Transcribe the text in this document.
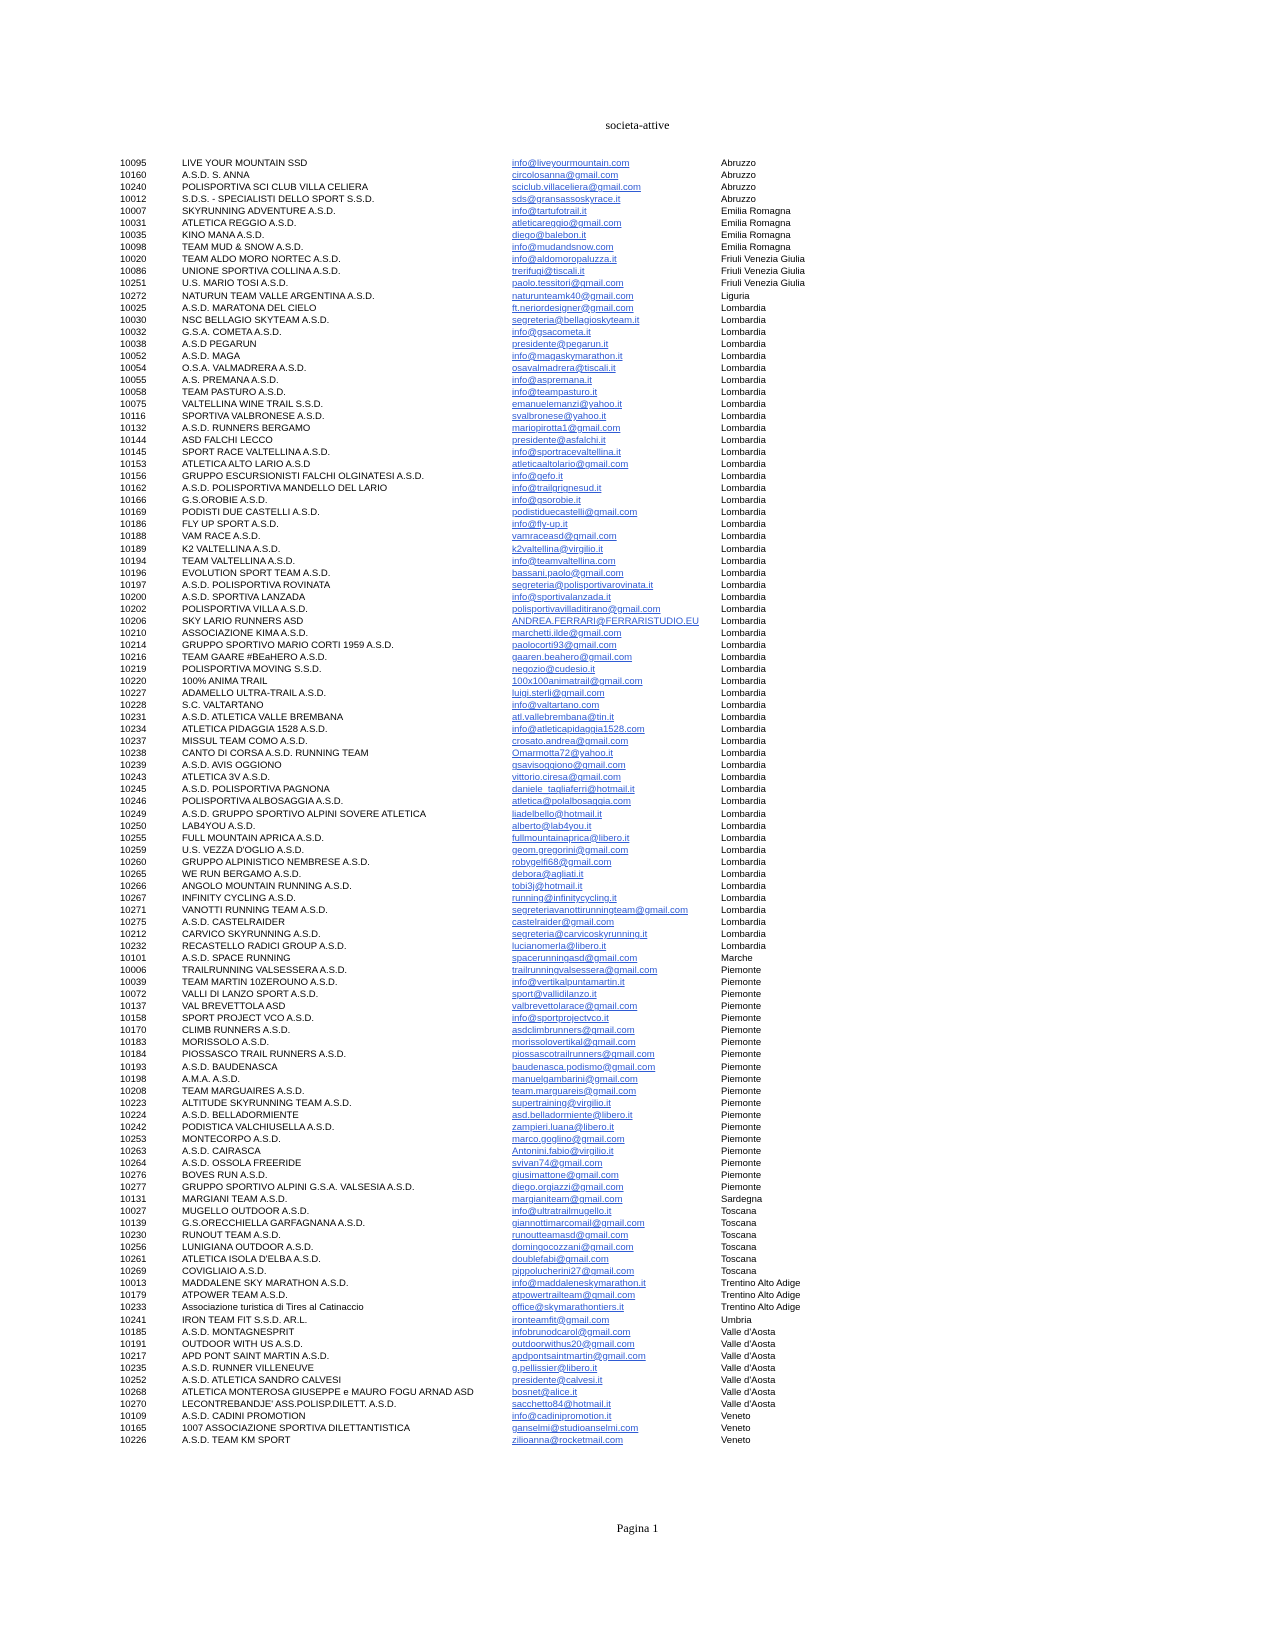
societa-attive
10095	LIVE YOUR MOUNTAIN SSD	info@liveyourmountain.com	Abruzzo
10160	A.S.D. S. ANNA	circolosanna@gmail.com	Abruzzo
10240	POLISPORTIVA SCI CLUB VILLA CELIERA	sciclub.villaceliera@gmail.com	Abruzzo
10012	S.D.S. - SPECIALISTI DELLO SPORT S.S.D.	sds@gransassoskyrace.it	Abruzzo
10007	SKYRUNNING ADVENTURE A.S.D.	info@tartufotrail.it	Emilia Romagna
10031	ATLETICA REGGIO A.S.D.	atleticareggio@gmail.com	Emilia Romagna
10035	KINO MANA A.S.D.	diego@balebon.it	Emilia Romagna
10098	TEAM MUD & SNOW A.S.D.	info@mudandsnow.com	Emilia Romagna
10020	TEAM ALDO MORO NORTEC A.S.D.	info@aldomoropaluzza.it	Friuli Venezia Giulia
10086	UNIONE SPORTIVA COLLINA A.S.D.	trerifugi@tiscali.it	Friuli Venezia Giulia
10251	U.S. MARIO TOSI A.S.D.	paolo.tessitori@gmail.com	Friuli Venezia Giulia
10272	NATURUN TEAM VALLE ARGENTINA A.S.D.	naturunteamk40@gmail.com	Liguria
10025	A.S.D. MARATONA DEL CIELO	ft.neriordesigner@gmail.com	Lombardia
10030	NSC BELLAGIO SKYTEAM A.S.D.	segreteria@bellagioskyteam.it	Lombardia
10032	G.S.A. COMETA A.S.D.	info@gsacometa.it	Lombardia
10038	A.S.D PEGARUN	presidente@pegarun.it	Lombardia
10052	A.S.D. MAGA	info@magaskymarathon.it	Lombardia
10054	O.S.A. VALMADRERA A.S.D.	osavalmadrera@tiscali.it	Lombardia
10055	A.S. PREMANA A.S.D.	info@aspremana.it	Lombardia
10058	TEAM PASTURO A.S.D.	info@teampasturo.it	Lombardia
10075	VALTELLINA WINE TRAIL S.S.D.	emanuelemanzi@yahoo.it	Lombardia
10116	SPORTIVA VALBRONESE A.S.D.	svalbronese@yahoo.it	Lombardia
10132	A.S.D. RUNNERS BERGAMO	mariopirotta1@gmail.com	Lombardia
10144	ASD FALCHI LECCO	presidente@asfalchi.it	Lombardia
10145	SPORT RACE VALTELLINA A.S.D.	info@sportracevaltellina.it	Lombardia
10153	ATLETICA ALTO LARIO A.S.D	atleticaaltolario@gmail.com	Lombardia
10156	GRUPPO ESCURSIONISTI FALCHI OLGINATESI A.S.D.	info@gefo.it	Lombardia
10162	A.S.D. POLISPORTIVA MANDELLO DEL LARIO	info@trailgrignesud.it	Lombardia
10166	G.S.OROBIE A.S.D.	info@gsorobie.it	Lombardia
10169	PODISTI DUE CASTELLI A.S.D.	podistiduecastelli@gmail.com	Lombardia
10186	FLY UP SPORT A.S.D.	info@fly-up.it	Lombardia
10188	VAM RACE A.S.D.	vamraceasd@gmail.com	Lombardia
10189	K2 VALTELLINA A.S.D.	k2valtellina@virgilio.it	Lombardia
10194	TEAM VALTELLINA A.S.D.	info@teamvaltellina.com	Lombardia
10196	EVOLUTION SPORT TEAM A.S.D.	bassani.paolo@gmail.com	Lombardia
10197	A.S.D. POLISPORTIVA ROVINATA	segreteria@polisportivarovinata.it	Lombardia
10200	A.S.D. SPORTIVA LANZADA	info@sportivalanzada.it	Lombardia
10202	POLISPORTIVA VILLA A.S.D.	polisportivavilladitirano@gmail.com	Lombardia
10206	SKY LARIO RUNNERS ASD	ANDREA.FERRARI@FERRARISTUDIO.EU	Lombardia
10210	ASSOCIAZIONE KIMA A.S.D.	marchetti.ilde@gmail.com	Lombardia
10214	GRUPPO SPORTIVO MARIO CORTI 1959 A.S.D.	paolocorti93@gmail.com	Lombardia
10216	TEAM GAARE #BEaHERO A.S.D.	gaaren.beahero@gmail.com	Lombardia
10219	POLISPORTIVA MOVING S.S.D.	negozio@cudesio.it	Lombardia
10220	100% ANIMA TRAIL	100x100animatrail@gmail.com	Lombardia
10227	ADAMELLO ULTRA-TRAIL A.S.D.	luigi.sterli@gmail.com	Lombardia
10228	S.C. VALTARTANO	info@valtartano.com	Lombardia
10231	A.S.D. ATLETICA VALLE BREMBANA	atl.vallebrembana@tin.it	Lombardia
10234	ATLETICA PIDAGGIA 1528 A.S.D.	info@atleticapidaggia1528.com	Lombardia
10237	MISSUL TEAM COMO A.S.D.	crosato.andrea@gmail.com	Lombardia
10238	CANTO DI CORSA A.S.D. RUNNING TEAM	Omarmotta72@yahoo.it	Lombardia
10239	A.S.D. AVIS OGGIONO	gsavisoggiono@gmail.com	Lombardia
10243	ATLETICA 3V A.S.D.	vittorio.ciresa@gmail.com	Lombardia
10245	A.S.D. POLISPORTIVA PAGNONA	daniele_tagliaferri@hotmail.it	Lombardia
10246	POLISPORTIVA ALBOSAGGIA A.S.D.	atletica@polalbosaggia.com	Lombardia
10249	A.S.D. GRUPPO SPORTIVO ALPINI SOVERE ATLETICA	liadelbello@hotmail.it	Lombardia
10250	LAB4YOU A.S.D.	alberto@lab4you.it	Lombardia
10255	FULL MOUNTAIN APRICA A.S.D.	fullmountainaprica@libero.it	Lombardia
10259	U.S. VEZZA D'OGLIO A.S.D.	geom.gregorini@gmail.com	Lombardia
10260	GRUPPO ALPINISTICO NEMBRESE A.S.D.	robygelfi68@gmail.com	Lombardia
10265	WE RUN BERGAMO A.S.D.	debora@agliati.it	Lombardia
10266	ANGOLO MOUNTAIN RUNNING A.S.D.	tobi3j@hotmail.it	Lombardia
10267	INFINITY CYCLING A.S.D.	running@infinitycycling.it	Lombardia
10271	VANOTTI RUNNING TEAM A.S.D.	segreteriavanottirunningteam@gmail.com	Lombardia
10275	A.S.D. CASTELRAIDER	castelraider@gmail.com	Lombardia
10212	CARVICO SKYRUNNING A.S.D.	segreteria@carvicoskyrunning.it	Lombardia
10232	RECASTELLO RADICI GROUP A.S.D.	lucianomerla@libero.it	Lombardia
10101	A.S.D. SPACE RUNNING	spacerunningasd@gmail.com	Marche
10006	TRAILRUNNING VALSESSERA A.S.D.	trailrunningvalsessera@gmail.com	Piemonte
10039	TEAM MARTIN 10ZEROUNO A.S.D.	info@vertikalpuntamartin.it	Piemonte
10072	VALLI DI LANZO SPORT A.S.D.	sport@vallidilanzo.it	Piemonte
10137	VAL BREVETTOLA ASD	valbrevettolarace@gmail.com	Piemonte
10158	SPORT PROJECT VCO A.S.D.	info@sportprojectvco.it	Piemonte
10170	CLIMB RUNNERS A.S.D.	asdclimbrunners@gmail.com	Piemonte
10183	MORISSOLO A.S.D.	morissolovertikal@gmail.com	Piemonte
10184	PIOSSASCO TRAIL RUNNERS A.S.D.	piossascotrailrunners@gmail.com	Piemonte
10193	A.S.D. BAUDENASCA	baudenasca.podismo@gmail.com	Piemonte
10198	A.M.A. A.S.D.	manuelgambarini@gmail.com	Piemonte
10208	TEAM MARGUAIRES A.S.D.	team.marguareis@gmail.com	Piemonte
10223	ALTITUDE SKYRUNNING TEAM A.S.D.	supertraining@virgilio.it	Piemonte
10224	A.S.D. BELLADORMIENTE	asd.belladormiente@libero.it	Piemonte
10242	PODISTICA VALCHIUSELLA A.S.D.	zampieri.luana@libero.it	Piemonte
10253	MONTECORPO A.S.D.	marco.goglino@gmail.com	Piemonte
10263	A.S.D. CAIRASCA	Antonini.fabio@virgilio.it	Piemonte
10264	A.S.D. OSSOLA FREERIDE	svivan74@gmail.com	Piemonte
10276	BOVES RUN A.S.D.	giusimattone@gmail.com	Piemonte
10277	GRUPPO SPORTIVO ALPINI G.S.A. VALSESIA A.S.D.	diego.orgiazzi@gmail.com	Piemonte
10131	MARGIANI TEAM A.S.D.	margianiteam@gmail.com	Sardegna
10027	MUGELLO OUTDOOR A.S.D.	info@ultratrailmugello.it	Toscana
10139	G.S.ORECCHIELLA GARFAGNANA A.S.D.	giannottimarcomail@gmail.com	Toscana
10230	RUNOUT TEAM A.S.D.	runoutteamasd@gmail.com	Toscana
10256	LUNIGIANA OUTDOOR A.S.D.	domingocozzani@gmail.com	Toscana
10261	ATLETICA ISOLA D'ELBA A.S.D.	doublefabi@gmail.com	Toscana
10269	COVIGLIAIO A.S.D.	pippolucherini27@gmail.com	Toscana
10013	MADDALENE SKY MARATHON A.S.D.	info@maddaleneskymarathon.it	Trentino Alto Adige
10179	ATPOWER TEAM A.S.D.	atpowertrailteam@gmail.com	Trentino Alto Adige
10233	Associazione turistica di Tires al Catinaccio	office@skymarathontiers.it	Trentino Alto Adige
10241	IRON TEAM FIT S.S.D. AR.L.	ironteamfit@gmail.com	Umbria
10185	A.S.D. MONTAGNESPRIT	infobrunodcarol@gmail.com	Valle d'Aosta
10191	OUTDOOR WITH US A.S.D.	outdoorwithus20@gmail.com	Valle d'Aosta
10217	APD PONT SAINT MARTIN A.S.D.	apdpontsaintmartin@gmail.com	Valle d'Aosta
10235	A.S.D. RUNNER VILLENEUVE	g.pellissier@libero.it	Valle d'Aosta
10252	A.S.D. ATLETICA SANDRO CALVESI	presidente@calvesi.it	Valle d'Aosta
10268	ATLETICA MONTEROSA GIUSEPPE e MAURO FOGU ARNAD ASD	bosnet@alice.it	Valle d'Aosta
10270	LECONTREBANDJE' ASS.POLISP.DILETT. A.S.D.	sacchetto84@hotmail.it	Valle d'Aosta
10109	A.S.D. CADINI PROMOTION	info@cadinipromotion.it	Veneto
10165	1007 ASSOCIAZIONE SPORTIVA DILETTANTISTICA	ganselmi@studioanselmi.com	Veneto
10226	A.S.D. TEAM KM SPORT	zilioanna@rocketmail.com	Veneto
Pagina 1
